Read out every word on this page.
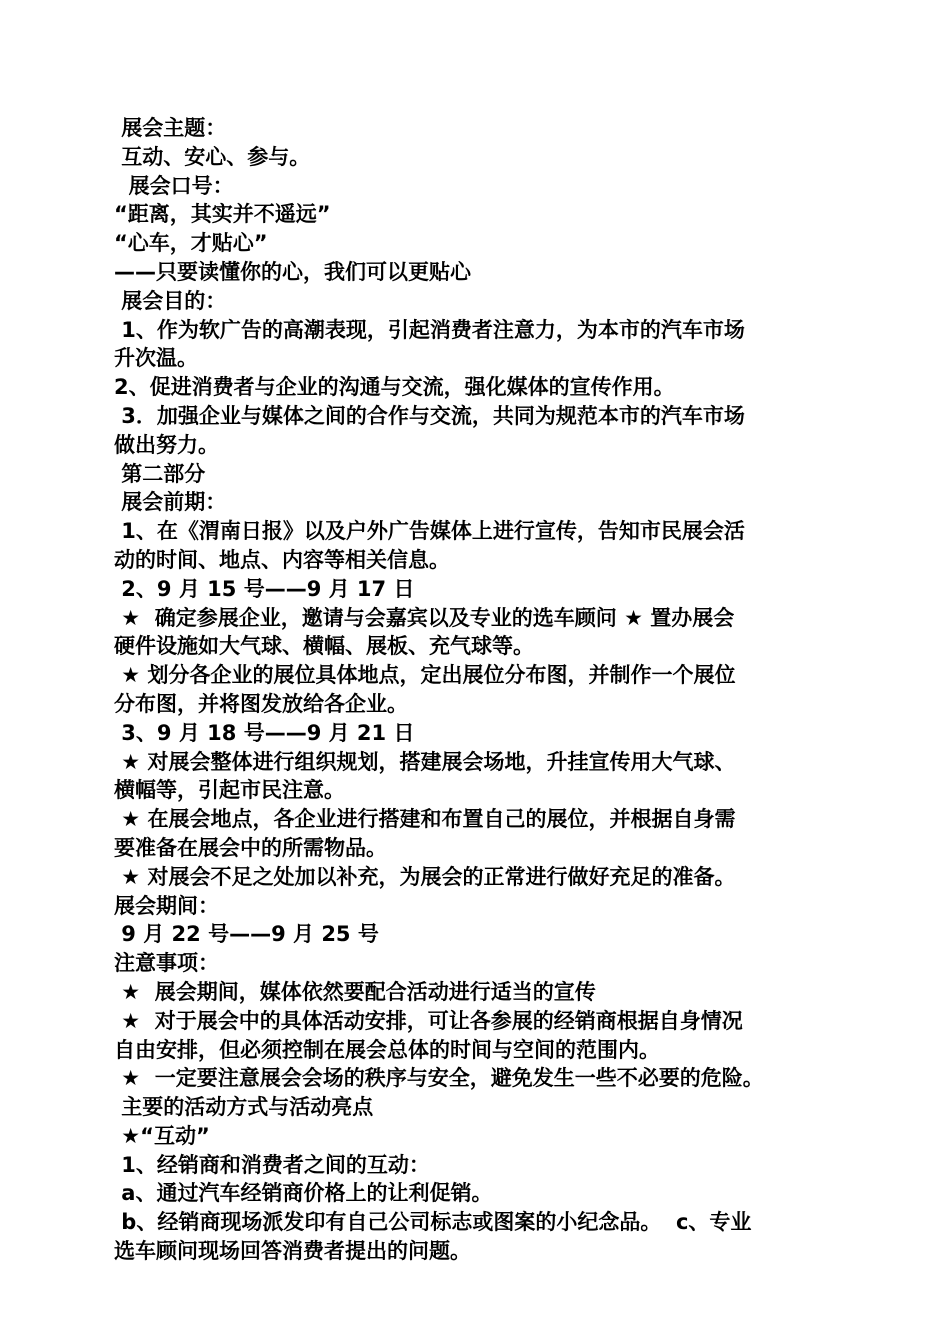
展会主题：
互动、安心、参与。
展会口号：
“距离，其实并不遥远”
“心车，才贴心”
——只要读懂你的心，我们可以更贴心
展会目的：
1、作为软广告的高潮表现，引起消费者注意力，为本市的汽车市场
升次温。
2、促进消费者与企业的沟通与交流，强化媒体的宣传作用。
3．加强企业与媒体之间的合作与交流，共同为规范本市的汽车市场
做出努力。
第二部分
展会前期：
1、在《渭南日报》以及户外广告媒体上进行宣传，告知市民展会活
动的时间、地点、内容等相关信息。
2、9 月 15 号——9 月 17 日
★  确定参展企业，邀请与会嘉宾以及专业的选车顾问 ★ 置办展会
硬件设施如大气球、横幅、展板、充气球等。
★ 划分各企业的展位具体地点，定出展位分布图，并制作一个展位
分布图，并将图发放给各企业。
3、9 月 18 号——9 月 21 日
★ 对展会整体进行组织规划，搭建展会场地，升挂宣传用大气球、
横幅等，引起市民注意。
★ 在展会地点，各企业进行搭建和布置自己的展位，并根据自身需
要准备在展会中的所需物品。
★ 对展会不足之处加以补充，为展会的正常进行做好充足的准备。
展会期间：
9 月 22 号——9 月 25 号
注意事项：
★  展会期间，媒体依然要配合活动进行适当的宣传
★  对于展会中的具体活动安排，可让各参展的经销商根据自身情况
自由安排，但必须控制在展会总体的时间与空间的范围内。
★  一定要注意展会会场的秩序与安全，避免发生一些不必要的危险。
主要的活动方式与活动亮点
★“互动”
1、经销商和消费者之间的互动：
a、通过汽车经销商价格上的让利促销。
b、经销商现场派发印有自己公司标志或图案的小纪念品。  c、专业
选车顾问现场回答消费者提出的问题。
